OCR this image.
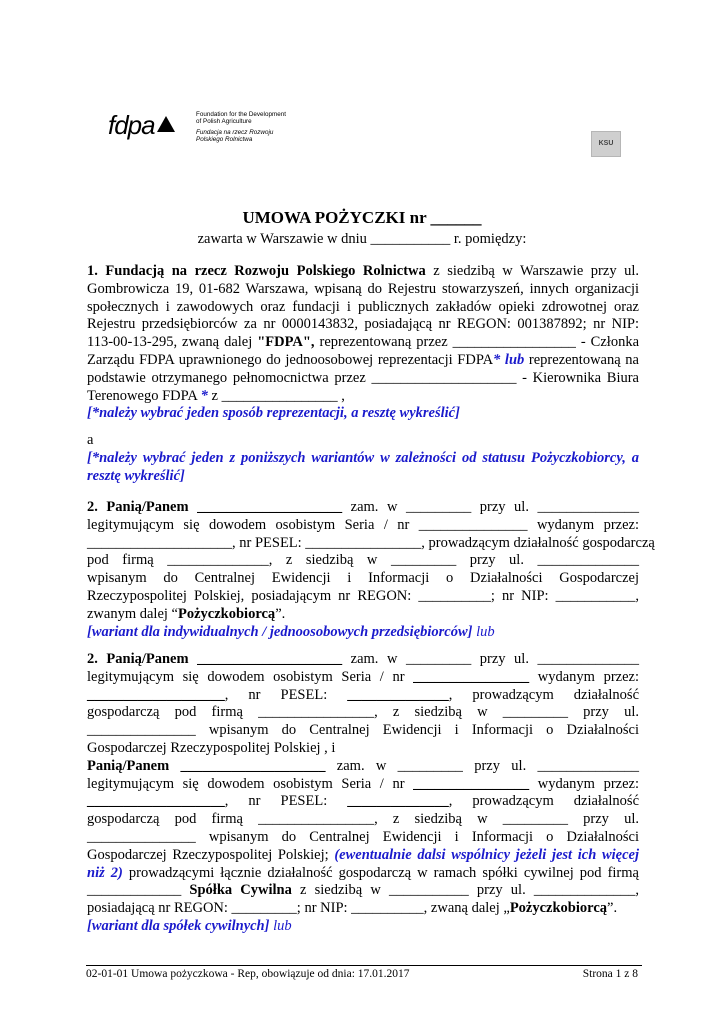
fdpa	Foundation for the Development
of Polish Agriculture
Fundacja na rzecz Rozwoju
Polskiego Rolnictwa
KSU
UMOWA POŻYCZKI nr ______
zawarta w Warszawie w dniu ___________ r. pomiędzy:
1. Fundacją na rzecz Rozwoju Polskiego Rolnictwa z siedzibą w Warszawie przy ul.
Gombrowicza 19, 01-682 Warszawa, wpisaną do Rejestru stowarzyszeń, innych organizacji
społecznych i zawodowych oraz fundacji i publicznych zakładów opieki zdrowotnej oraz
Rejestru przedsiębiorców za nr 0000143832, posiadającą nr REGON: 001387892; nr NIP:
113-00-13-295, zwaną dalej "FDPA", reprezentowaną przez _________________ - Członka
Zarządu FDPA uprawnionego do jednoosobowej reprezentacji FDPA* lub reprezentowaną na
podstawie otrzymanego pełnomocnictwa przez ____________________ - Kierownika Biura
Terenowego FDPA * z ________________ ,
[*należy wybrać jeden sposób reprezentacji, a resztę wykreślić]
a
[*należy wybrać jeden z poniższych wariantów w zależności od statusu Pożyczkobiorcy, a
resztę wykreślić]
2. Panią/Panem ____________________ zam. w _________ przy ul. ______________
legitymującym się dowodem osobistym Seria / nr _______________ wydanym przez:
____________________, nr PESEL: ________________, prowadzącym działalność gospodarczą
pod firmą ______________, z siedzibą w _________ przy ul. ______________
wpisanym do Centralnej Ewidencji i Informacji o Działalności Gospodarczej
Rzeczypospolitej Polskiej, posiadającym nr REGON: __________; nr NIP: ___________,
zwanym dalej “Pożyczkobiorcą”.
[wariant dla indywidualnych / jednoosobowych przedsiębiorców] lub
2. Panią/Panem ____________________ zam. w _________ przy ul. ______________
legitymującym się dowodem osobistym Seria / nr ________________ wydanym przez:
___________________, nr PESEL: ______________, prowadzącym działalność
gospodarczą pod firmą ________________, z siedzibą w _________ przy ul.
_______________ wpisanym do Centralnej Ewidencji i Informacji o Działalności
Gospodarczej Rzeczypospolitej Polskiej , i
Panią/Panem ____________________ zam. w _________ przy ul. ______________
legitymującym się dowodem osobistym Seria / nr ________________ wydanym przez:
___________________, nr PESEL: ______________, prowadzącym działalność
gospodarczą pod firmą ________________, z siedzibą w _________ przy ul.
_______________ wpisanym do Centralnej Ewidencji i Informacji o Działalności
Gospodarczej Rzeczypospolitej Polskiej; (ewentualnie dalsi wspólnicy jeżeli jest ich więcej
niż 2) prowadzącymi łącznie działalność gospodarczą w ramach spółki cywilnej pod firmą
_____________ Spółka Cywilna z siedzibą w ___________ przy ul. ______________,
posiadającą nr REGON: _________; nr NIP: __________, zwaną dalej „Pożyczkobiorcą”.
[wariant dla spółek cywilnych] lub
02-01-01 Umowa pożyczkowa - Rep, obowiązuje od dnia: 17.01.2017	Strona 1 z 8
